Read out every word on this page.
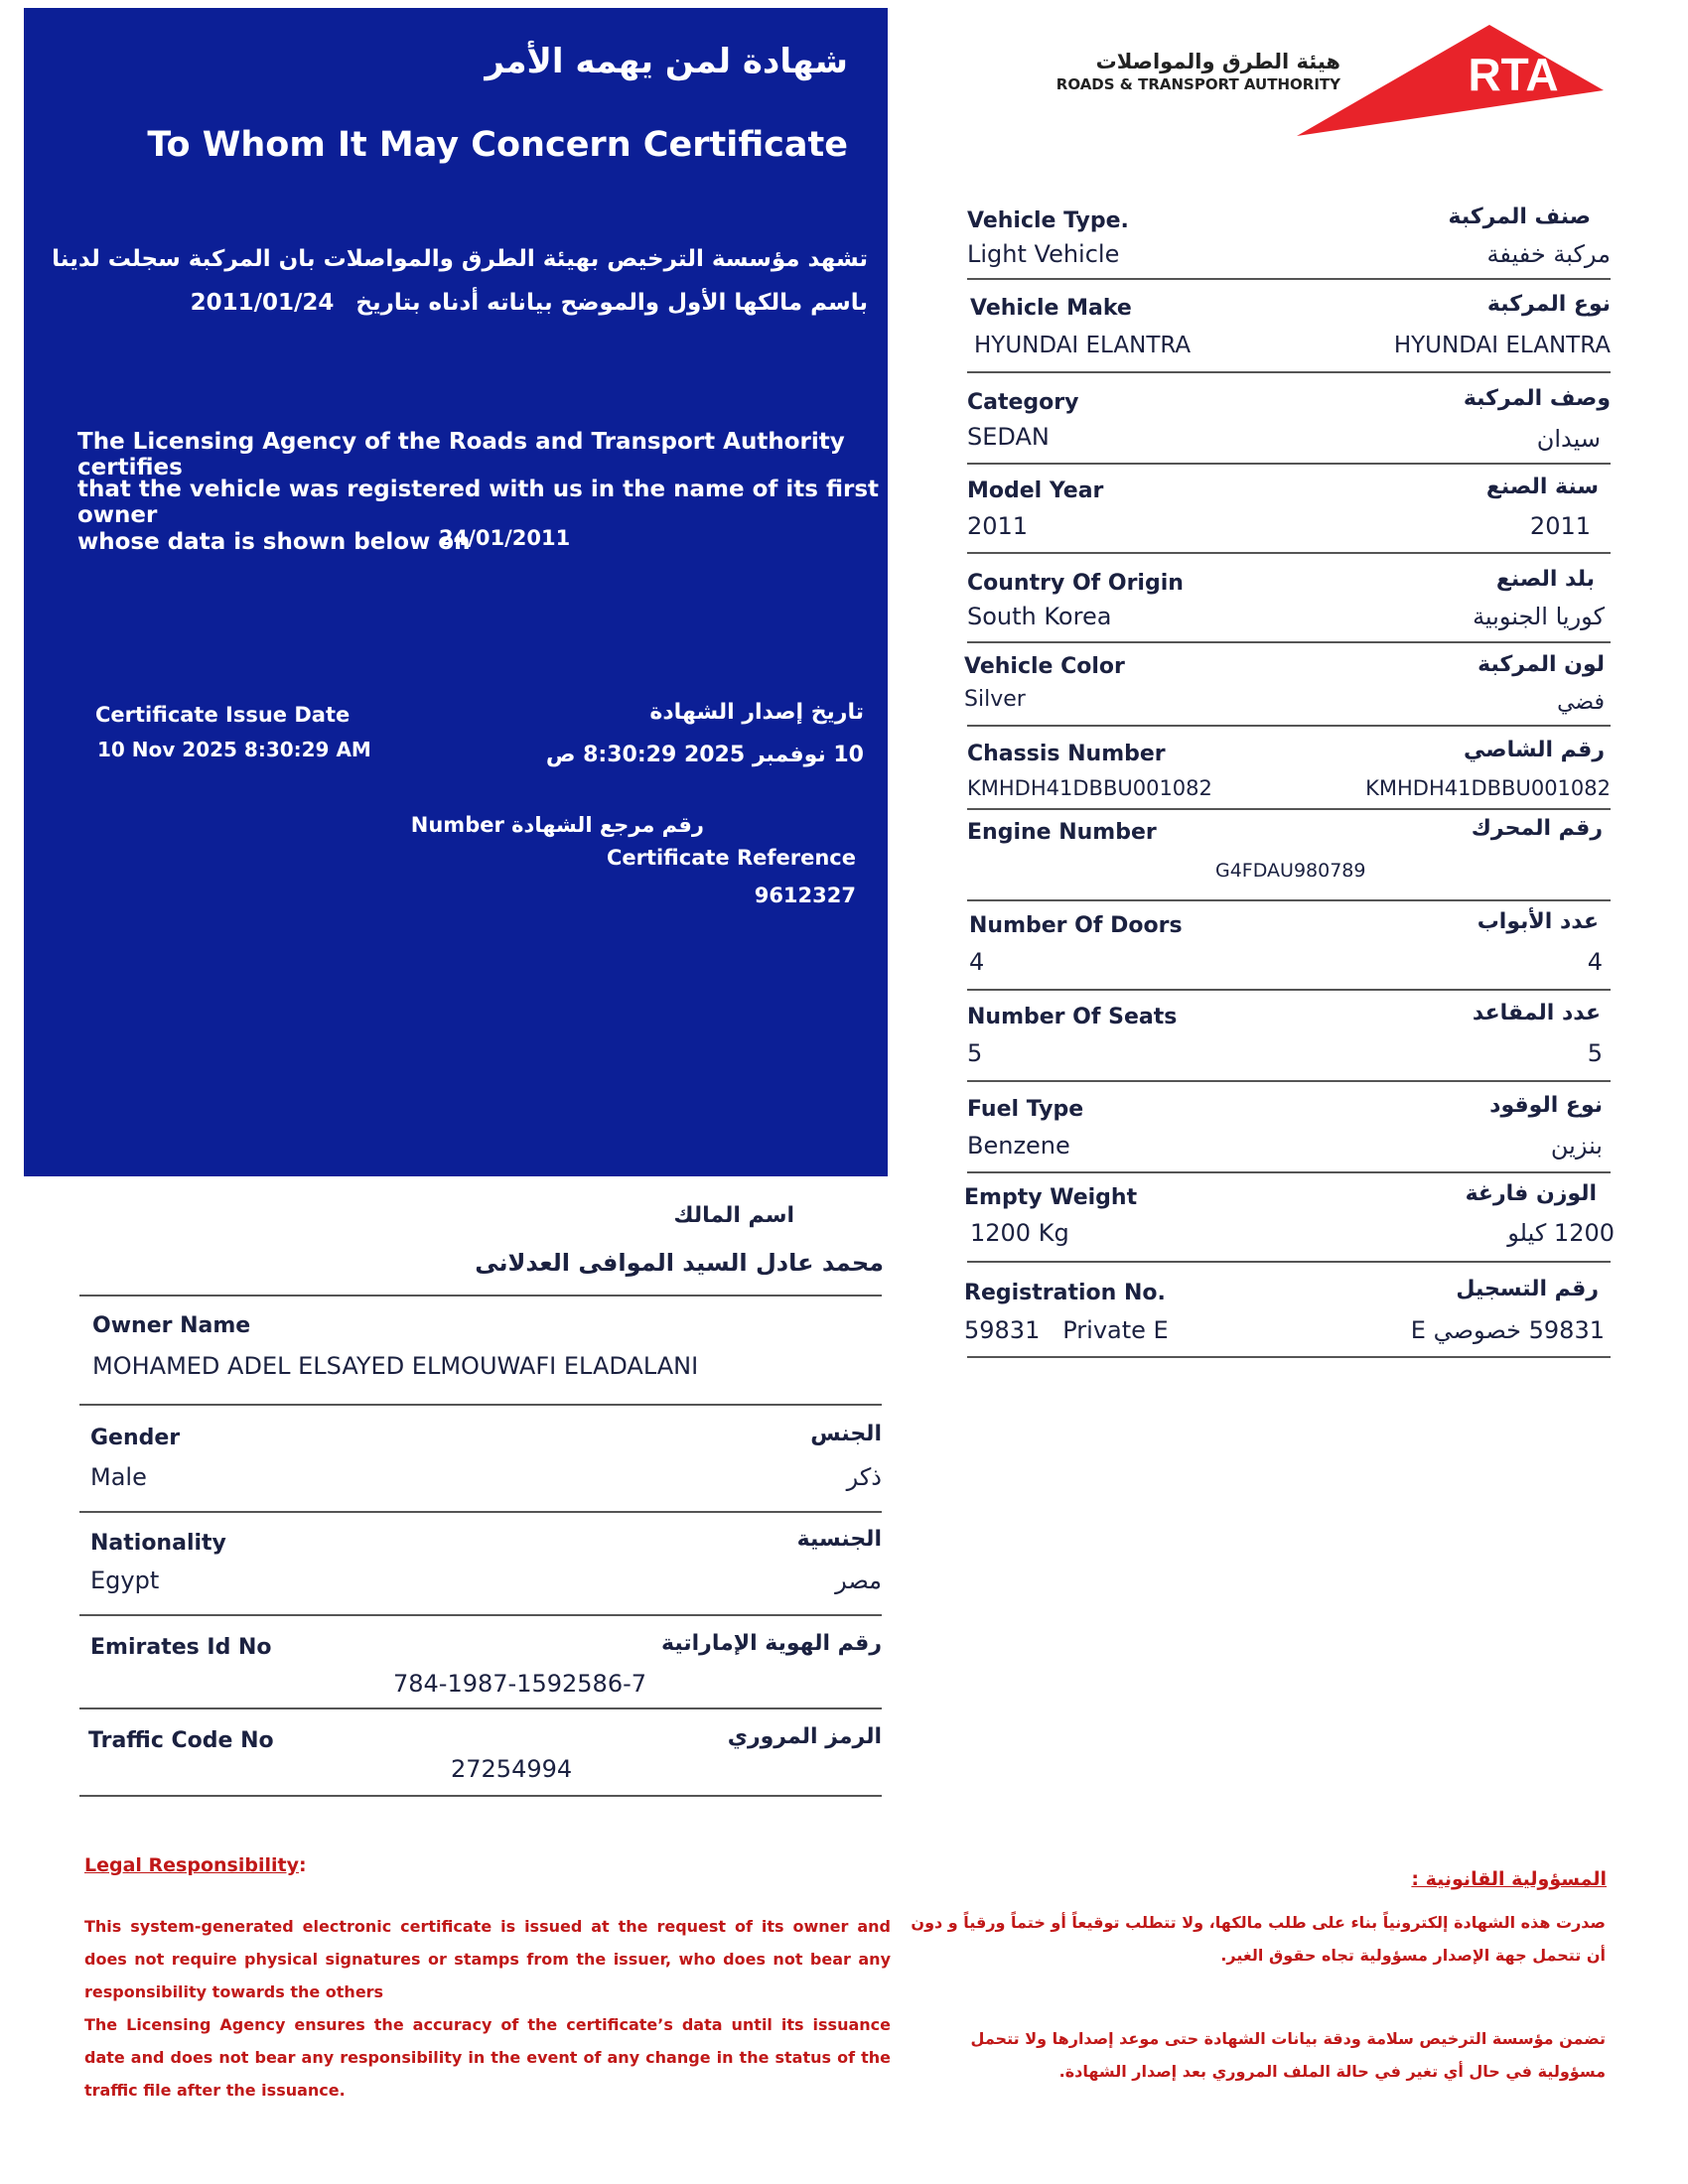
شهادة لمن يهمه الأمر
To Whom It May Concern Certificate
تشهد مؤسسة الترخيص بهيئة الطرق والمواصلات بان المركبة سجلت لدينا
باسم مالكها الأول والموضح بياناته أدناه بتاريخ 2011/01/24
The Licensing Agency of the Roads and Transport Authority certifies
that the vehicle was registered with us in the name of its first owner
whose data is shown below on
24/01/2011
Certificate Issue Date
10 Nov 2025 8:30:29 AM
تاريخ إصدار الشهادة
10 نوفمبر 2025 8:30:29 ص
رقم مرجع الشهادة Number
Certificate Reference
9612327
هيئة الطرق والمواصلات
ROADS & TRANSPORT AUTHORITY	RTA
Vehicle Type.	صنف المركبة
Light Vehicle	مركبة خفيفة
Vehicle Make	نوع المركبة
HYUNDAI ELANTRA	HYUNDAI ELANTRA
Category	وصف المركبة
SEDAN	سيدان
Model Year	سنة الصنع
2011	2011
Country Of Origin	بلد الصنع
South Korea	كوريا الجنوبية
Vehicle Color	لون المركبة
Silver	فضي
Chassis Number	رقم الشاصي
KMHDH41DBBU001082	KMHDH41DBBU001082
Engine Number	رقم المحرك
G4FDAU980789
Number Of Doors	عدد الأبواب
4	4
Number Of Seats	عدد المقاعد
5	5
Fuel Type	نوع الوقود
Benzene	بنزين
Empty Weight	الوزن فارغة
1200 Kg	1200 كيلو
Registration No.	رقم التسجيل
59831   Private E	59831 خصوصي E
اسم المالك
محمد عادل السيد الموافى العدلانى
Owner Name
MOHAMED ADEL ELSAYED ELMOUWAFI ELADALANI
Gender	الجنس
Male	ذكر
Nationality	الجنسية
Egypt	مصر
Emirates Id No	رقم الهوية الإماراتية
784-1987-1592586-7
Traffic Code No	الرمز المروري
27254994
Legal Responsibility:
This system-generated electronic certificate is issued at the request of its owner and does not require physical signatures or stamps from the issuer, who does not bear any responsibility towards the others
The Licensing Agency ensures the accuracy of the certificate’s data until its issuance date and does not bear any responsibility in the event of any change in the status of the traffic file after the issuance.
المسؤولية القانونية :
صدرت هذه الشهادة إلكترونياً بناء على طلب مالكها، ولا تتطلب توقيعاً أو ختماً ورقياً و دون أن تتحمل جهة الإصدار مسؤولية تجاه حقوق الغير.
تضمن مؤسسة الترخيص سلامة ودقة بيانات الشهادة حتى موعد إصدارها ولا تتحمل مسؤولية في حال أي تغير في حالة الملف المروري بعد إصدار الشهادة.
